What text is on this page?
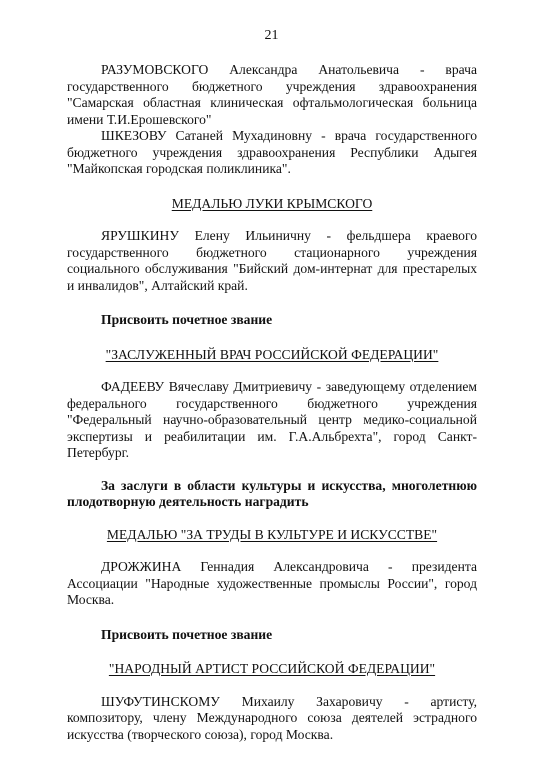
21

РАЗУМОВСКОГО Александра Анатольевича - врача государственного бюджетного учреждения здравоохранения "Самарская областная клиническая офтальмологическая больница имени Т.И.Ерошевского"

ШКЕЗОВУ Сатаней Мухадиновну - врача государственного бюджетного учреждения здравоохранения Республики Адыгея "Майкопская городская поликлиника".

МЕДАЛЬЮ ЛУКИ КРЫМСКОГО

ЯРУШКИНУ Елену Ильиничну - фельдшера краевого государственного бюджетного стационарного учреждения социального обслуживания "Бийский дом-интернат для престарелых и инвалидов", Алтайский край.

Присвоить почетное звание

"ЗАСЛУЖЕННЫЙ ВРАЧ РОССИЙСКОЙ ФЕДЕРАЦИИ"

ФАДЕЕВУ Вячеславу Дмитриевичу - заведующему отделением федерального государственного бюджетного учреждения "Федеральный научно-образовательный центр медико-социальной экспертизы и реабилитации им. Г.А.Альбрехта", город Санкт-Петербург.

За заслуги в области культуры и искусства, многолетнюю плодотворную деятельность наградить

МЕДАЛЬЮ "ЗА ТРУДЫ В КУЛЬТУРЕ И ИСКУССТВЕ"

ДРОЖЖИНА Геннадия Александровича - президента Ассоциации "Народные художественные промыслы России", город Москва.

Присвоить почетное звание

"НАРОДНЫЙ АРТИСТ РОССИЙСКОЙ ФЕДЕРАЦИИ"

ШУФУТИНСКОМУ Михаилу Захаровичу - артисту, композитору, члену Международного союза деятелей эстрадного искусства (творческого союза), город Москва.
